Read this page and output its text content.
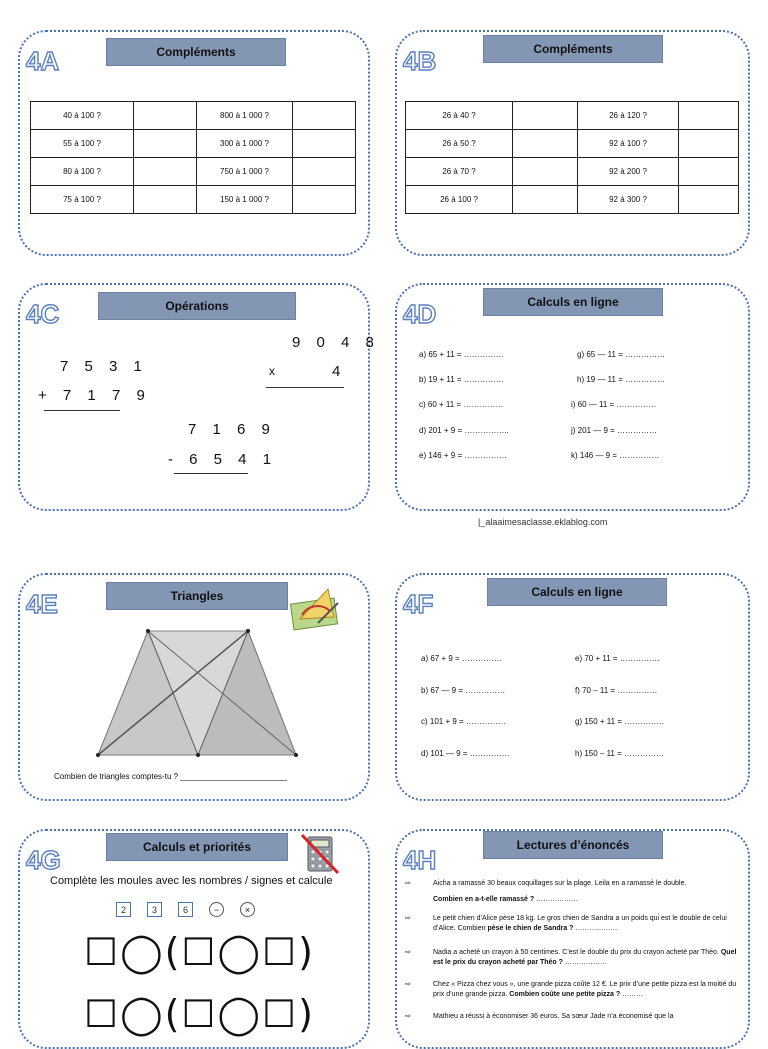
4A	Compléments
40 à 100 ?		800 à 1 000 ?	
55 à 100 ?		300 à 1 000 ?	
80 à 100 ?		750 à 1 000 ?	
75 à 100 ?		150 à 1 000 ?	
4B	Compléments
26 à 40 ?		26 à 120 ?	
26 à 50 ?		92 à 100 ?	
26 à 70 ?		92 à 200 ?	
26 à 100 ?		92 à 300 ?	
4C	Opérations
7 5 3 1
+ 7 1 7 9
9 0 4 8
x	4
7 1 6 9
- 6 5 4 1
4D	Calculs en ligne
a) 65 + 11 = ……………
b) 19 + 11 = ……………
c) 60 + 11 = ……………
d) 201 + 9 = ……………..
e) 146 + 9 = …………….
g) 65 — 11 = ……………
h) 19 — 11 = ……………
i) 60 — 11 = ……………
j) 201 — 9 = ……………
k) 146 — 9 = ……………
|_alaaimesaclasse.eklablog.com
4E	Triangles
Combien de triangles comptes-tu ? ________________________
4F	Calculs en ligne
a) 67 + 9 = ……………
b) 67 — 9 = ……………
c) 101 + 9 = ……………
d) 101 — 9 = ……………
e) 70 + 11 = ……………
f) 70 – 11 = ……………
g) 150 + 11 = ……………
h) 150 – 11 = ……………
4G	Calculs et priorités
Complète les moules avec les nombres / signes et calcule
2	3	6	−	×
☐◯(☐◯☐)
☐◯(☐◯☐)
4H	Lectures d’énoncés
⇨	Aicha a ramassé 30 beaux coquillages sur la plage. Leila en a ramassé le double.
Combien en a-t-elle ramassé ? ………………
⇨	Le petit chien d’Alice pèse 18 kg. Le gros chien de Sandra a un poids qui est le double de celui d’Alice. Combien pèse le chien de Sandra ? ………………
⇨	Nadia a acheté un crayon à 50 centimes. C’est le double du prix du crayon acheté par Théo. Quel est le prix du crayon acheté par Théo ? ………………
⇨	Chez « Pizza chez vous », une grande pizza coûte 12 €. Le prix d’une petite pizza est la moitié du prix d’une grande pizza. Combien coûte une petite pizza ? ………
⇨	Mathieu a réussi à économiser 36 euros. Sa sœur Jade n’a économisé que la
